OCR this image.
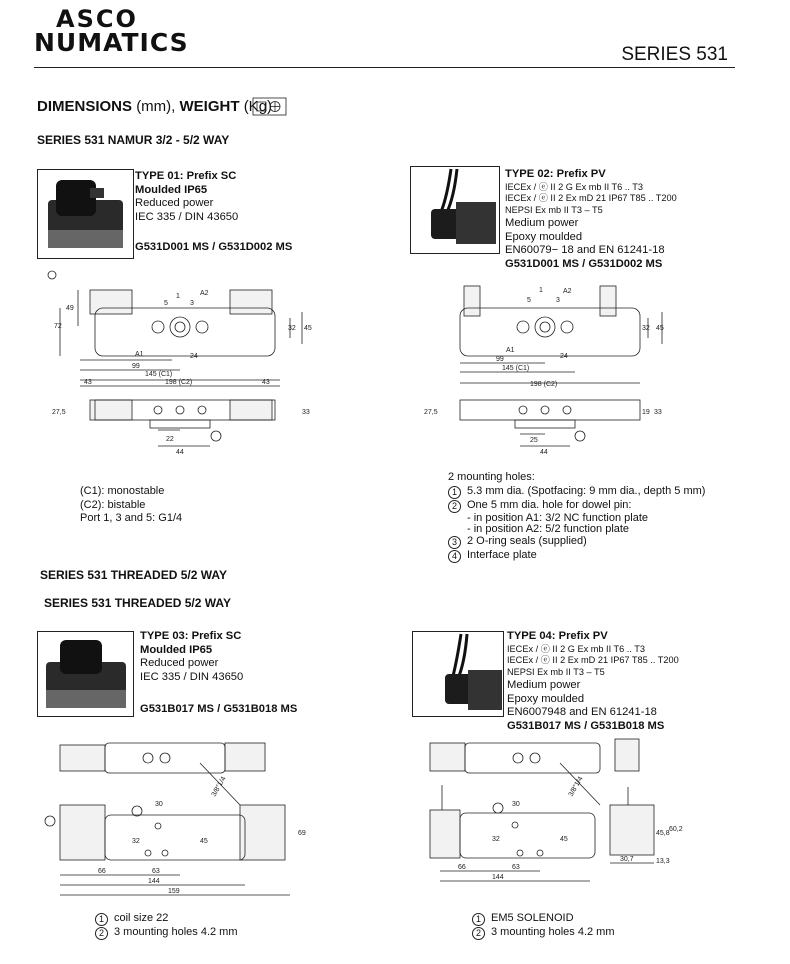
ASCO
NUMATICS	SERIES 531
DIMENSIONS (mm), WEIGHT (Kg)
SERIES 531 NAMUR 3/2 - 5/2 WAY
TYPE 01: Prefix SC
Moulded IP65
Reduced power
IEC 335 / DIN 43650
G531D001 MS / G531D002 MS
TYPE 02: Prefix PV
IECEx / ⓔ II 2 G Ex mb II T6 .. T3
IECEx / ⓔ II 2 Ex mD 21 IP67 T85 .. T200
NEPSI Ex mb II T3 – T5
Medium power
Epoxy moulded
EN60079− 18 and EN 61241-18
G531D001 MS / G531D002 MS
72
49
32 45
24
99
145 (C1)
198 (C2)
43	43
A1
A2
1
3
5
27,5	33
22
44
32 45
24
99
145 (C1)
198 (C2)
A1
A2
1
3
5
27,5	19 33
25
44
(C1): monostable
(C2): bistable
Port 1, 3 and 5: G1/4
2 mounting holes:
1 5.3 mm dia. (Spotfacing: 9 mm dia., depth 5 mm)
2 One 5 mm dia. hole for dowel pin:
- in position A1: 3/2 NC function plate
- in position A2: 5/2 function plate
3 2 O-ring seals (supplied)
4 Interface plate
SERIES 531 THREADED 5/2 WAY
SERIES 531 THREADED 5/2 WAY
TYPE 03: Prefix SC
Moulded IP65
Reduced power
IEC 335 / DIN 43650
G531B017 MS / G531B018 MS
TYPE 04: Prefix PV
IECEx / ⓔ II 2 G Ex mb II T6 .. T3
IECEx / ⓔ II 2 Ex mD 21 IP67 T85 .. T200
NEPSI Ex mb II T3 – T5
Medium power
Epoxy moulded
EN6007948 and EN 61241-18
G531B017 MS / G531B018 MS
3/8”1/4
30
32	45
69
66	63
144
159
3/8”1/4
30
32	45
60,2
45,8
13,3
30,7
66	63
144
1 coil size 22
2 3 mounting holes 4.2 mm
1 EM5 SOLENOID
2 3 mounting holes 4.2 mm
